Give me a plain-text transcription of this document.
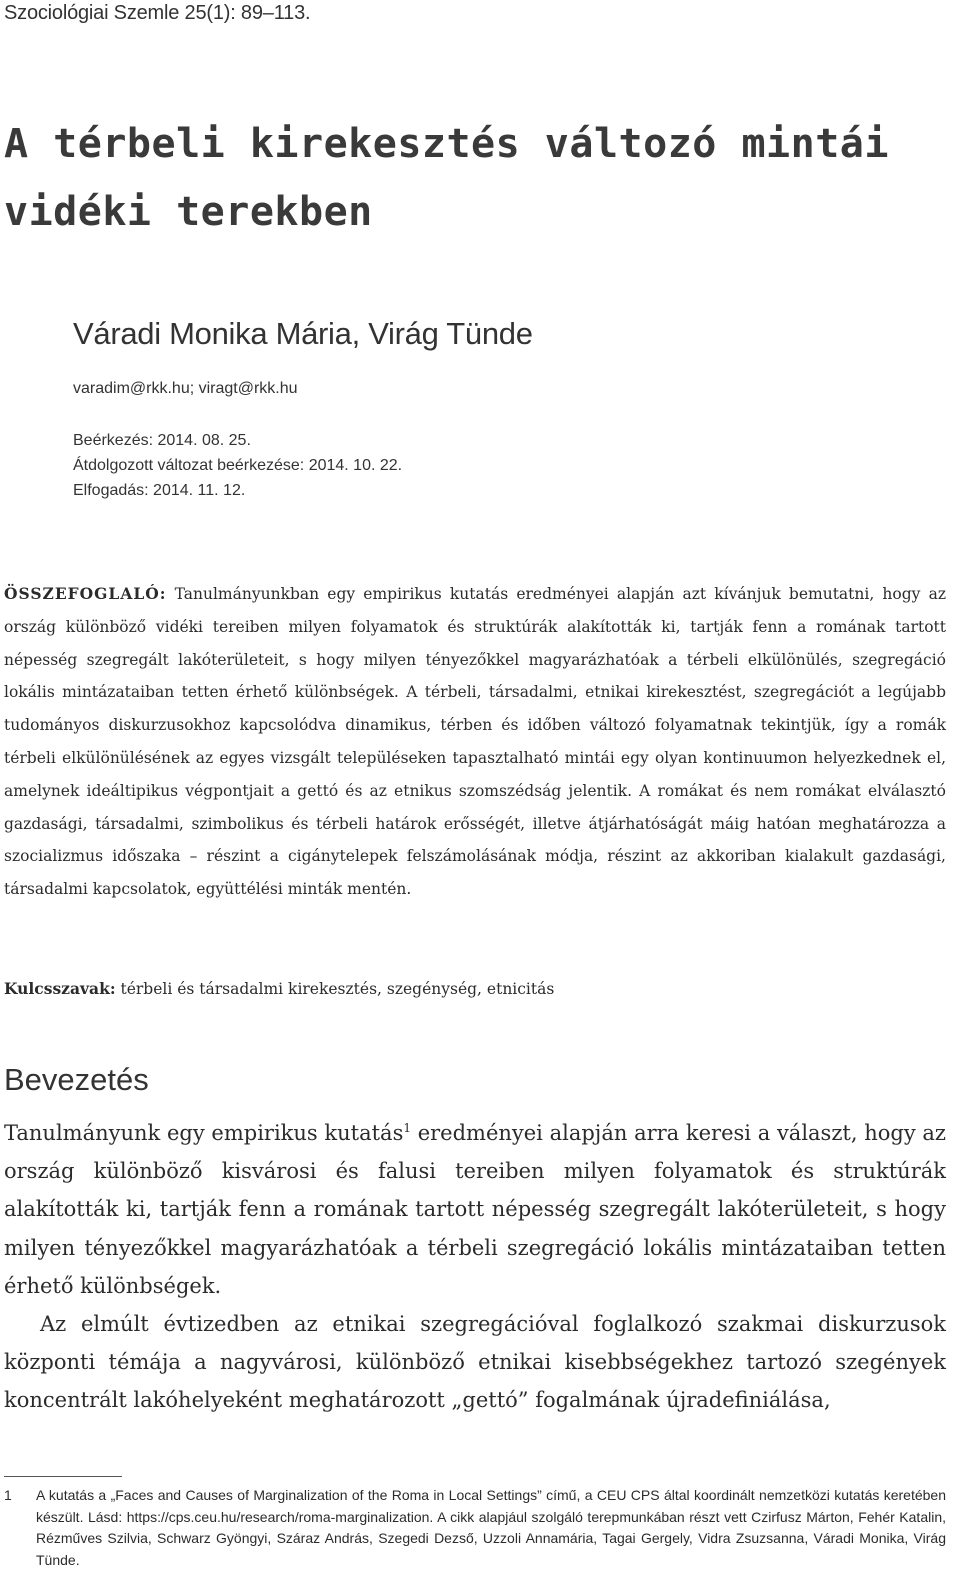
Szociológiai Szemle 25(1): 89–113.
A térbeli kirekesztés változó mintái vidéki terekben
Váradi Monika Mária, Virág Tünde
varadim@rkk.hu; viragt@rkk.hu
Beérkezés: 2014. 08. 25.
Átdolgozott változat beérkezése: 2014. 10. 22.
Elfogadás: 2014. 11. 12.
ÖSSZEFOGLALÓ: Tanulmányunkban egy empirikus kutatás eredményei alapján azt kívánjuk bemutatni, hogy az ország különböző vidéki tereiben milyen folyamatok és struktúrák alakították ki, tartják fenn a romának tartott népesség szegregált lakóterületeit, s hogy milyen tényezőkkel magyarázhatóak a térbeli elkülönülés, szegregáció lokális mintázataiban tetten érhető különbségek. A térbeli, társadalmi, etnikai kirekesztést, szegregációt a legújabb tudományos diskurzusokhoz kapcsolódva dinamikus, térben és időben változó folyamatnak tekintjük, így a romák térbeli elkülönülésének az egyes vizsgált településeken tapasztalható mintái egy olyan kontinuumon helyezkednek el, amelynek ideáltipikus végpontjait a gettó és az etnikus szomszédság jelentik. A romákat és nem romákat elválasztó gazdasági, társadalmi, szimbolikus és térbeli határok erősségét, illetve átjárhatóságát máig hatóan meghatározza a szocializmus időszaka – részint a cigánytelepek felszámolásának módja, részint az akkoriban kialakult gazdasági, társadalmi kapcsolatok, együttélési minták mentén.
Kulcsszavak: térbeli és társadalmi kirekesztés, szegénység, etnicitás
Bevezetés

Tanulmányunk egy empirikus kutatás$^1$ eredményei alapján arra keresi a választ, hogy az ország különböző kisvárosi és falusi tereiben milyen folyamatok és struktúrák alakították ki, tartják fenn a romának tartott népesség szegregált lakóterületeit, s hogy milyen tényezőkkel magyarázhatóak a térbeli szegregáció lokális mintázataiban tetten érhető különbségek.

Az elmúlt évtizedben az etnikai szegregációval foglalkozó szakmai diskurzusok központi témája a nagyvárosi, különböző etnikai kisebbségekhez tartozó szegények koncentrált lakóhelyeként meghatározott „gettó” fogalmának újradefiniálása,

1 A kutatás a „Faces and Causes of Marginalization of the Roma in Local Settings” című, a CEU CPS által koordinált nemzetközi kutatás keretében készült. Lásd: https://cps.ceu.hu/research/roma-marginalization. A cikk alapjául szolgáló terepmunkában részt vett Czirfusz Márton, Fehér Katalin, Rézműves Szilvia, Schwarz Gyöngyi, Száraz András, Szegedi Dezső, Uzzoli Annamária, Tagai Gergely, Vidra Zsuzsanna, Váradi Monika, Virág Tünde.
